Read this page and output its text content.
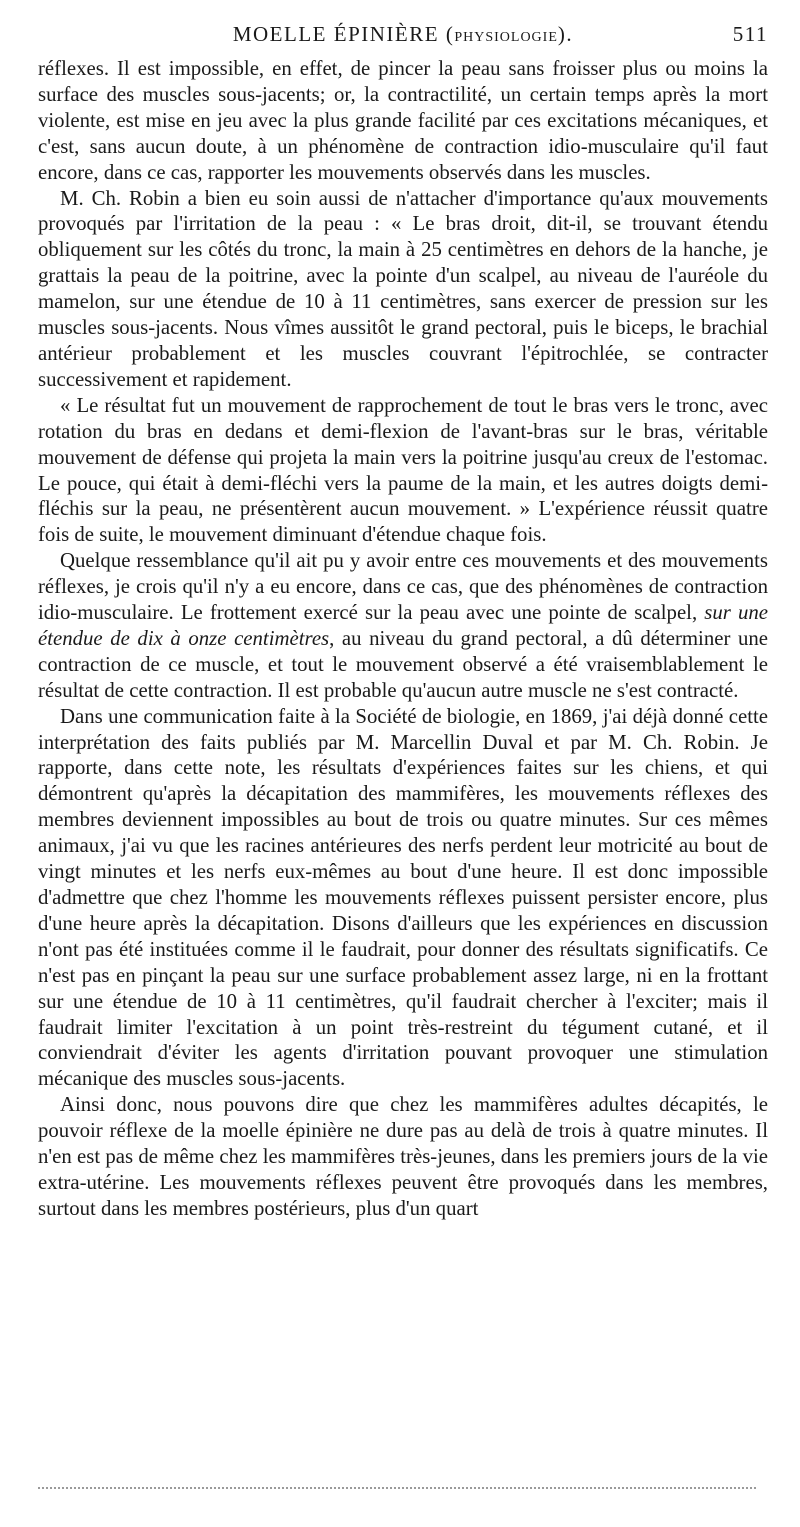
MOELLE ÉPINIÈRE (PHYSIOLOGIE).	511

réflexes. Il est impossible, en effet, de pincer la peau sans froisser plus ou moins la surface des muscles sous-jacents; or, la contractilité, un certain temps après la mort violente, est mise en jeu avec la plus grande facilité par ces excitations mécaniques, et c'est, sans aucun doute, à un phénomène de contraction idio-musculaire qu'il faut encore, dans ce cas, rapporter les mouvements observés dans les muscles.

M. Ch. Robin a bien eu soin aussi de n'attacher d'importance qu'aux mouvements provoqués par l'irritation de la peau : « Le bras droit, dit-il, se trouvant étendu obliquement sur les côtés du tronc, la main à 25 centimètres en dehors de la hanche, je grattais la peau de la poitrine, avec la pointe d'un scalpel, au niveau de l'auréole du mamelon, sur une étendue de 10 à 11 centimètres, sans exercer de pression sur les muscles sous-jacents. Nous vîmes aussitôt le grand pectoral, puis le biceps, le brachial antérieur probablement et les muscles couvrant l'épitrochlée, se contracter successivement et rapidement.

« Le résultat fut un mouvement de rapprochement de tout le bras vers le tronc, avec rotation du bras en dedans et demi-flexion de l'avant-bras sur le bras, véritable mouvement de défense qui projeta la main vers la poitrine jusqu'au creux de l'estomac. Le pouce, qui était à demi-fléchi vers la paume de la main, et les autres doigts demi-fléchis sur la peau, ne présentèrent aucun mouvement. » L'expérience réussit quatre fois de suite, le mouvement diminuant d'étendue chaque fois.

Quelque ressemblance qu'il ait pu y avoir entre ces mouvements et des mouvements réflexes, je crois qu'il n'y a eu encore, dans ce cas, que des phénomènes de contraction idio-musculaire. Le frottement exercé sur la peau avec une pointe de scalpel, sur une étendue de dix à onze centimètres, au niveau du grand pectoral, a dû déterminer une contraction de ce muscle, et tout le mouvement observé a été vraisemblablement le résultat de cette contraction. Il est probable qu'aucun autre muscle ne s'est contracté.

Dans une communication faite à la Société de biologie, en 1869, j'ai déjà donné cette interprétation des faits publiés par M. Marcellin Duval et par M. Ch. Robin. Je rapporte, dans cette note, les résultats d'expériences faites sur les chiens, et qui démontrent qu'après la décapitation des mammifères, les mouvements réflexes des membres deviennent impossibles au bout de trois ou quatre minutes. Sur ces mêmes animaux, j'ai vu que les racines antérieures des nerfs perdent leur motricité au bout de vingt minutes et les nerfs eux-mêmes au bout d'une heure. Il est donc impossible d'admettre que chez l'homme les mouvements réflexes puissent persister encore, plus d'une heure après la décapitation. Disons d'ailleurs que les expériences en discussion n'ont pas été instituées comme il le faudrait, pour donner des résultats significatifs. Ce n'est pas en pinçant la peau sur une surface probablement assez large, ni en la frottant sur une étendue de 10 à 11 centimètres, qu'il faudrait chercher à l'exciter; mais il faudrait limiter l'excitation à un point très-restreint du tégument cutané, et il conviendrait d'éviter les agents d'irritation pouvant provoquer une stimulation mécanique des muscles sous-jacents.

Ainsi donc, nous pouvons dire que chez les mammifères adultes décapités, le pouvoir réflexe de la moelle épinière ne dure pas au delà de trois à quatre minutes. Il n'en est pas de même chez les mammifères très-jeunes, dans les premiers jours de la vie extra-utérine. Les mouvements réflexes peuvent être provoqués dans les membres, surtout dans les membres postérieurs, plus d'un quart
